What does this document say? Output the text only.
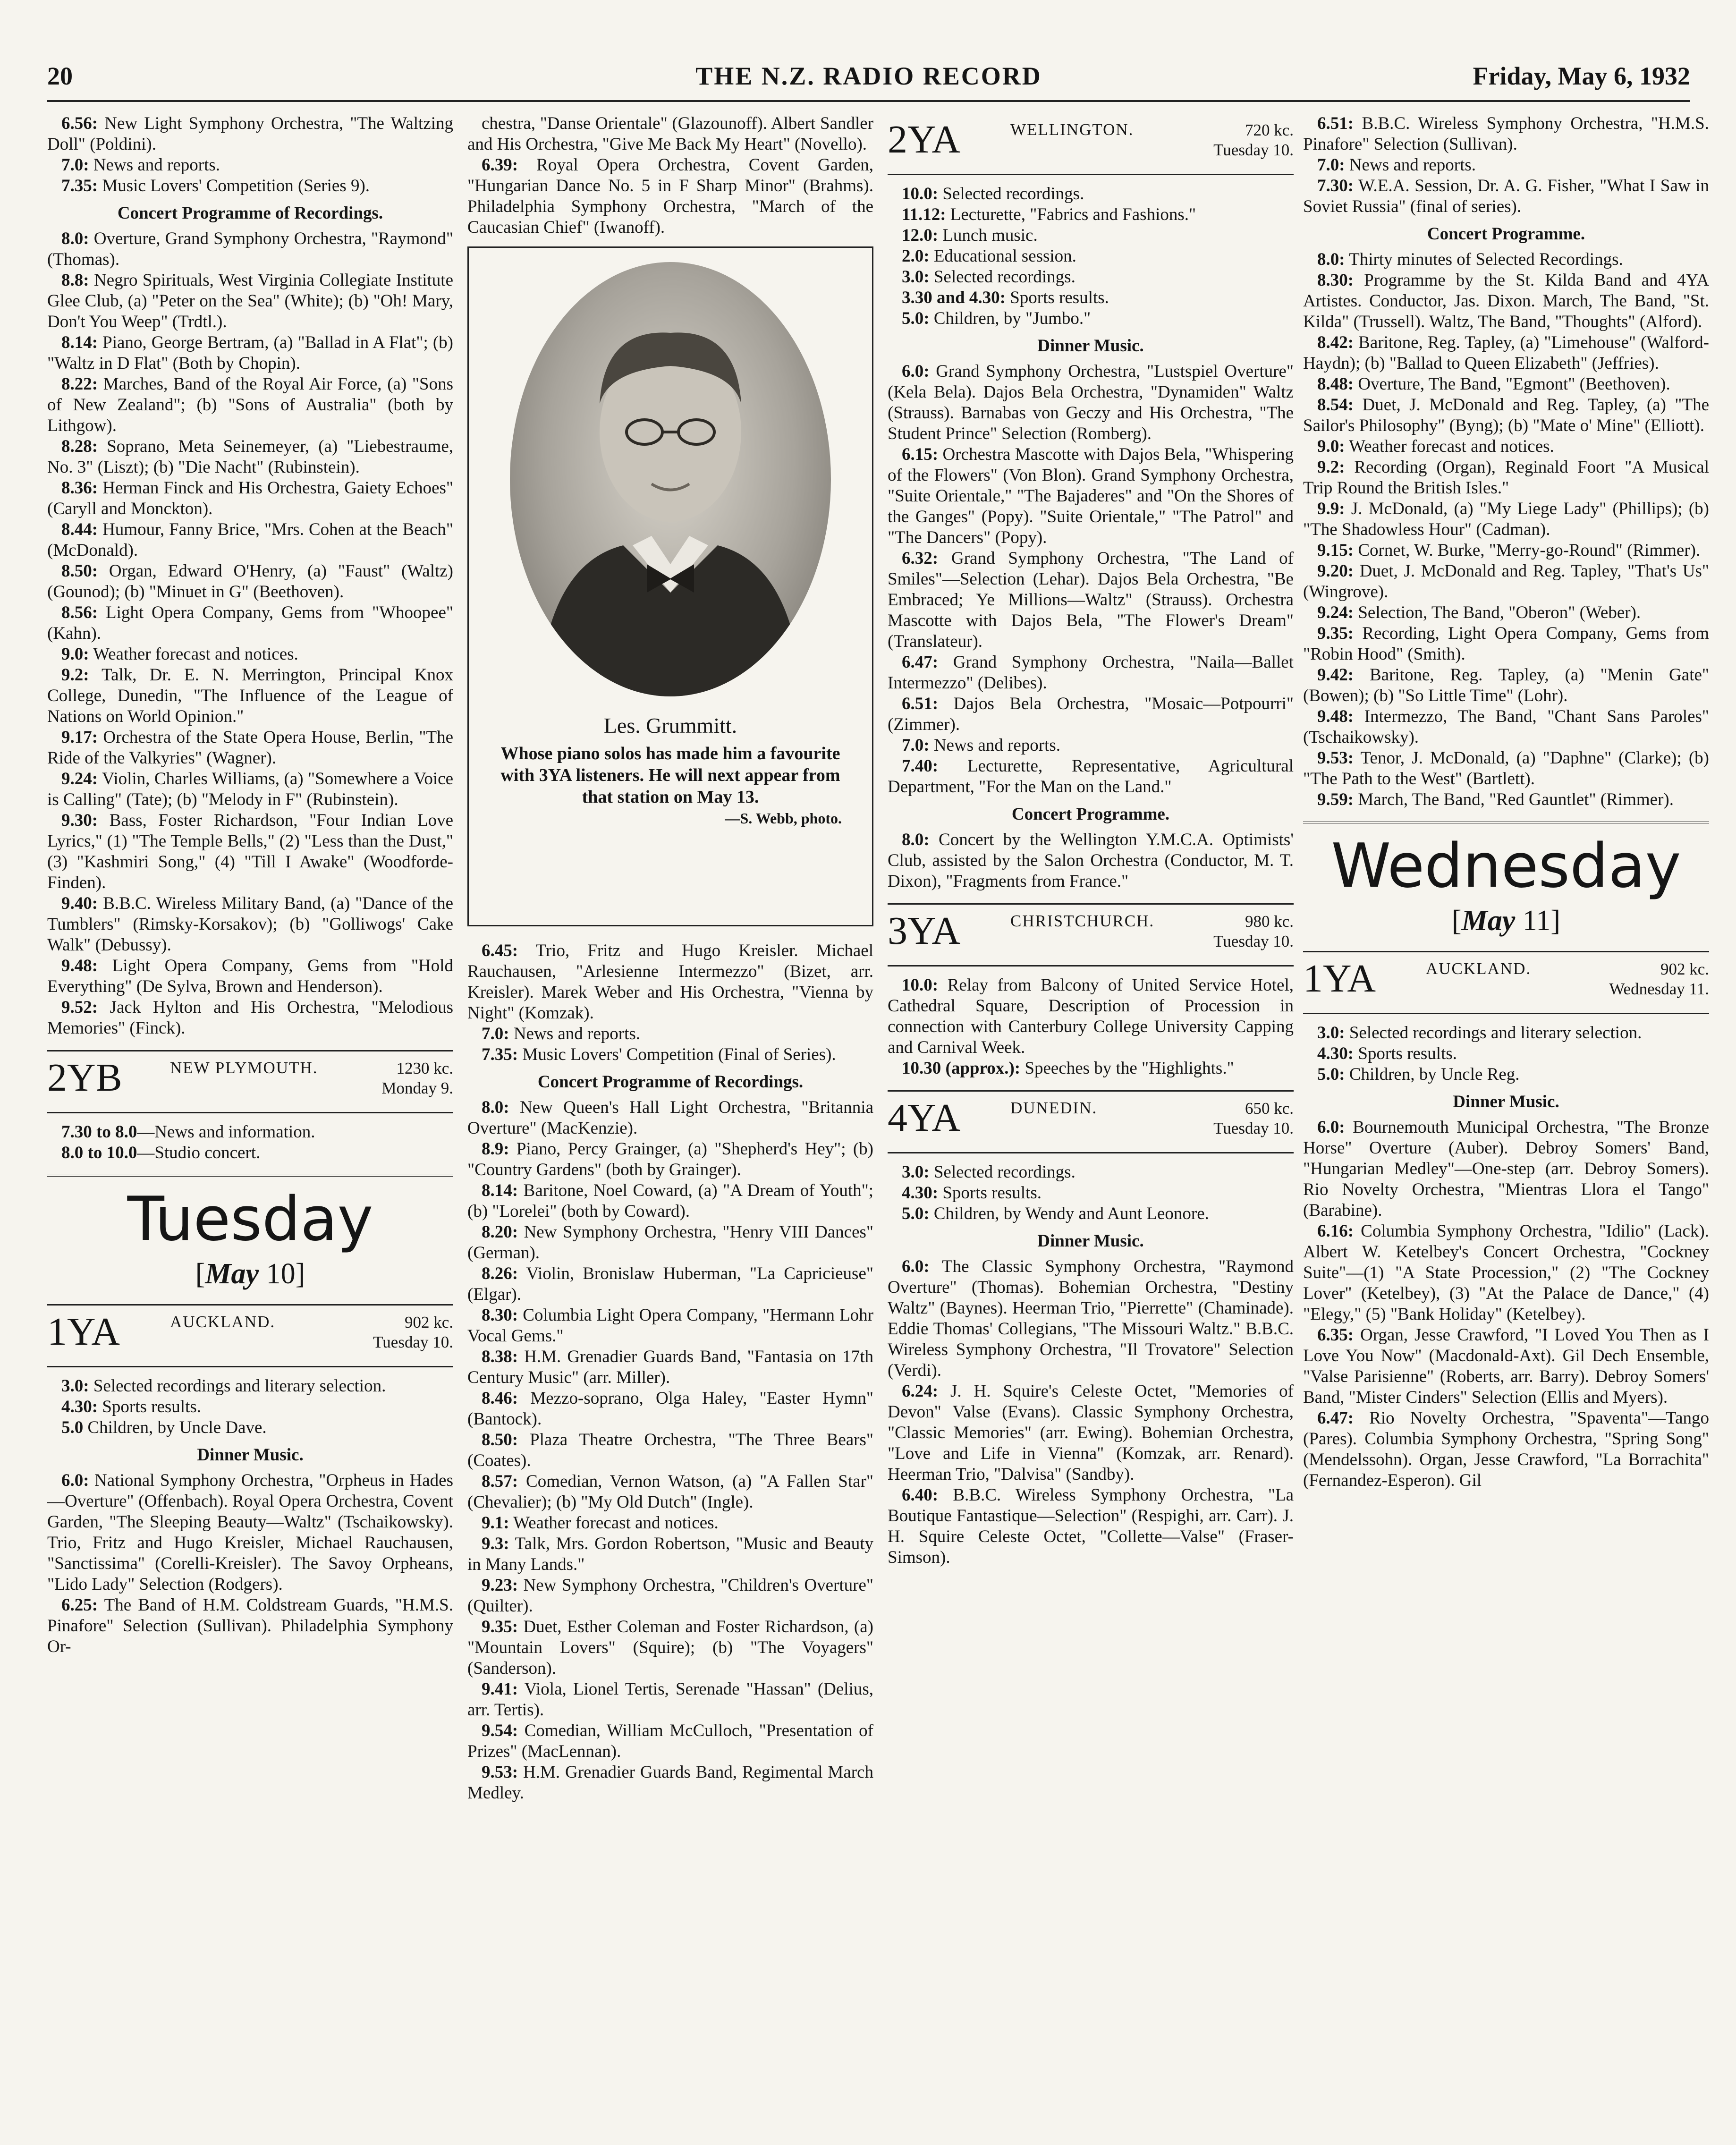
20	THE N.Z. RADIO RECORD	Friday, May 6, 1932

6.56: New Light Symphony Orchestra, "The Waltzing Doll" (Poldini).

7.0: News and reports.

7.35: Music Lovers' Competition (Series 9).

Concert Programme of Recordings.

8.0: Overture, Grand Symphony Orchestra, "Raymond" (Thomas).

8.8: Negro Spirituals, West Virginia Collegiate Institute Glee Club, (a) "Peter on the Sea" (White); (b) "Oh! Mary, Don't You Weep" (Trdtl.).

8.14: Piano, George Bertram, (a) "Ballad in A Flat"; (b) "Waltz in D Flat" (Both by Chopin).

8.22: Marches, Band of the Royal Air Force, (a) "Sons of New Zealand"; (b) "Sons of Australia" (both by Lithgow).

8.28: Soprano, Meta Seinemeyer, (a) "Liebestraume, No. 3" (Liszt); (b) "Die Nacht" (Rubinstein).

8.36: Herman Finck and His Orchestra, Gaiety Echoes" (Caryll and Monckton).

8.44: Humour, Fanny Brice, "Mrs. Cohen at the Beach" (McDonald).

8.50: Organ, Edward O'Henry, (a) "Faust" (Waltz) (Gounod); (b) "Minuet in G" (Beethoven).

8.56: Light Opera Company, Gems from "Whoopee" (Kahn).

9.0: Weather forecast and notices.

9.2: Talk, Dr. E. N. Merrington, Principal Knox College, Dunedin, "The Influence of the League of Nations on World Opinion."

9.17: Orchestra of the State Opera House, Berlin, "The Ride of the Valkyries" (Wagner).

9.24: Violin, Charles Williams, (a) "Somewhere a Voice is Calling" (Tate); (b) "Melody in F" (Rubinstein).

9.30: Bass, Foster Richardson, "Four Indian Love Lyrics," (1) "The Temple Bells," (2) "Less than the Dust," (3) "Kashmiri Song," (4) "Till I Awake" (Woodforde-Finden).

9.40: B.B.C. Wireless Military Band, (a) "Dance of the Tumblers" (Rimsky-Korsakov); (b) "Golliwogs' Cake Walk" (Debussy).

9.48: Light Opera Company, Gems from "Hold Everything" (De Sylva, Brown and Henderson).

9.52: Jack Hylton and His Orchestra, "Melodious Memories" (Finck).

2YB	NEW PLYMOUTH.	1230 kc.
Monday 9.

7.30 to 8.0—News and information.

8.0 to 10.0—Studio concert.

Tuesday
[May 10]
1YA	AUCKLAND.	902 kc.
Tuesday 10.

3.0: Selected recordings and literary selection.

4.30: Sports results.

5.0 Children, by Uncle Dave.

Dinner Music.

6.0: National Symphony Orchestra, "Orpheus in Hades—Overture" (Offenbach). Royal Opera Orchestra, Covent Garden, "The Sleeping Beauty—Waltz" (Tschaikowsky). Trio, Fritz and Hugo Kreisler, Michael Rauchausen, "Sanctissima" (Corelli-Kreisler). The Savoy Orpheans, "Lido Lady" Selection (Rodgers).

6.25: The Band of H.M. Coldstream Guards, "H.M.S. Pinafore" Selection (Sullivan). Philadelphia Symphony Or-

chestra, "Danse Orientale" (Glazounoff). Albert Sandler and His Orchestra, "Give Me Back My Heart" (Novello).

6.39: Royal Opera Orchestra, Covent Garden, "Hungarian Dance No. 5 in F Sharp Minor" (Brahms). Philadelphia Symphony Orchestra, "March of the Caucasian Chief" (Iwanoff).

Les. Grummitt.
Whose piano solos has made him a favourite with 3YA listeners. He will next appear from that station on May 13.
—S. Webb, photo.

6.45: Trio, Fritz and Hugo Kreisler. Michael Rauchausen, "Arlesienne Intermezzo" (Bizet, arr. Kreisler). Marek Weber and His Orchestra, "Vienna by Night" (Komzak).

7.0: News and reports.

7.35: Music Lovers' Competition (Final of Series).

Concert Programme of Recordings.

8.0: New Queen's Hall Light Orchestra, "Britannia Overture" (MacKenzie).

8.9: Piano, Percy Grainger, (a) "Shepherd's Hey"; (b) "Country Gardens" (both by Grainger).

8.14: Baritone, Noel Coward, (a) "A Dream of Youth"; (b) "Lorelei" (both by Coward).

8.20: New Symphony Orchestra, "Henry VIII Dances" (German).

8.26: Violin, Bronislaw Huberman, "La Capricieuse" (Elgar).

8.30: Columbia Light Opera Company, "Hermann Lohr Vocal Gems."

8.38: H.M. Grenadier Guards Band, "Fantasia on 17th Century Music" (arr. Miller).

8.46: Mezzo-soprano, Olga Haley, "Easter Hymn" (Bantock).

8.50: Plaza Theatre Orchestra, "The Three Bears" (Coates).

8.57: Comedian, Vernon Watson, (a) "A Fallen Star" (Chevalier); (b) "My Old Dutch" (Ingle).

9.1: Weather forecast and notices.

9.3: Talk, Mrs. Gordon Robertson, "Music and Beauty in Many Lands."

9.23: New Symphony Orchestra, "Children's Overture" (Quilter).

9.35: Duet, Esther Coleman and Foster Richardson, (a) "Mountain Lovers" (Squire); (b) "The Voyagers" (Sanderson).

9.41: Viola, Lionel Tertis, Serenade "Hassan" (Delius, arr. Tertis).

9.54: Comedian, William McCulloch, "Presentation of Prizes" (MacLennan).

9.53: H.M. Grenadier Guards Band, Regimental March Medley.

2YA	WELLINGTON.	720 kc.
Tuesday 10.

10.0: Selected recordings.

11.12: Lecturette, "Fabrics and Fashions."

12.0: Lunch music.

2.0: Educational session.

3.0: Selected recordings.

3.30 and 4.30: Sports results.

5.0: Children, by "Jumbo."

Dinner Music.

6.0: Grand Symphony Orchestra, "Lustspiel Overture" (Kela Bela). Dajos Bela Orchestra, "Dynamiden" Waltz (Strauss). Barnabas von Geczy and His Orchestra, "The Student Prince" Selection (Romberg).

6.15: Orchestra Mascotte with Dajos Bela, "Whispering of the Flowers" (Von Blon). Grand Symphony Orchestra, "Suite Orientale," "The Bajaderes" and "On the Shores of the Ganges" (Popy). "Suite Orientale," "The Patrol" and "The Dancers" (Popy).

6.32: Grand Symphony Orchestra, "The Land of Smiles"—Selection (Lehar). Dajos Bela Orchestra, "Be Embraced; Ye Millions—Waltz" (Strauss). Orchestra Mascotte with Dajos Bela, "The Flower's Dream" (Translateur).

6.47: Grand Symphony Orchestra, "Naila—Ballet Intermezzo" (Delibes).

6.51: Dajos Bela Orchestra, "Mosaic—Potpourri" (Zimmer).

7.0: News and reports.

7.40: Lecturette, Representative, Agricultural Department, "For the Man on the Land."

Concert Programme.

8.0: Concert by the Wellington Y.M.C.A. Optimists' Club, assisted by the Salon Orchestra (Conductor, M. T. Dixon), "Fragments from France."

3YA	CHRISTCHURCH.	980 kc.
Tuesday 10.

10.0: Relay from Balcony of United Service Hotel, Cathedral Square, Description of Procession in connection with Canterbury College University Capping and Carnival Week.

10.30 (approx.): Speeches by the "Highlights."

4YA	DUNEDIN.	650 kc.
Tuesday 10.

3.0: Selected recordings.

4.30: Sports results.

5.0: Children, by Wendy and Aunt Leonore.

Dinner Music.

6.0: The Classic Symphony Orchestra, "Raymond Overture" (Thomas). Bohemian Orchestra, "Destiny Waltz" (Baynes). Heerman Trio, "Pierrette" (Chaminade). Eddie Thomas' Collegians, "The Missouri Waltz." B.B.C. Wireless Symphony Orchestra, "Il Trovatore" Selection (Verdi).

6.24: J. H. Squire's Celeste Octet, "Memories of Devon" Valse (Evans). Classic Symphony Orchestra, "Classic Memories" (arr. Ewing). Bohemian Orchestra, "Love and Life in Vienna" (Komzak, arr. Renard). Heerman Trio, "Dalvisa" (Sandby).

6.40: B.B.C. Wireless Symphony Orchestra, "La Boutique Fantastique—Selection" (Respighi, arr. Carr). J. H. Squire Celeste Octet, "Collette—Valse" (Fraser-Simson).

6.51: B.B.C. Wireless Symphony Orchestra, "H.M.S. Pinafore" Selection (Sullivan).

7.0: News and reports.

7.30: W.E.A. Session, Dr. A. G. Fisher, "What I Saw in Soviet Russia" (final of series).

Concert Programme.

8.0: Thirty minutes of Selected Recordings.

8.30: Programme by the St. Kilda Band and 4YA Artistes. Conductor, Jas. Dixon. March, The Band, "St. Kilda" (Trussell). Waltz, The Band, "Thoughts" (Alford).

8.42: Baritone, Reg. Tapley, (a) "Limehouse" (Walford-Haydn); (b) "Ballad to Queen Elizabeth" (Jeffries).

8.48: Overture, The Band, "Egmont" (Beethoven).

8.54: Duet, J. McDonald and Reg. Tapley, (a) "The Sailor's Philosophy" (Byng); (b) "Mate o' Mine" (Elliott).

9.0: Weather forecast and notices.

9.2: Recording (Organ), Reginald Foort "A Musical Trip Round the British Isles."

9.9: J. McDonald, (a) "My Liege Lady" (Phillips); (b) "The Shadowless Hour" (Cadman).

9.15: Cornet, W. Burke, "Merry-go-Round" (Rimmer).

9.20: Duet, J. McDonald and Reg. Tapley, "That's Us" (Wingrove).

9.24: Selection, The Band, "Oberon" (Weber).

9.35: Recording, Light Opera Company, Gems from "Robin Hood" (Smith).

9.42: Baritone, Reg. Tapley, (a) "Menin Gate" (Bowen); (b) "So Little Time" (Lohr).

9.48: Intermezzo, The Band, "Chant Sans Paroles" (Tschaikowsky).

9.53: Tenor, J. McDonald, (a) "Daphne" (Clarke); (b) "The Path to the West" (Bartlett).

9.59: March, The Band, "Red Gauntlet" (Rimmer).

Wednesday
[May 11]
1YA	AUCKLAND.	902 kc.
Wednesday 11.

3.0: Selected recordings and literary selection.

4.30: Sports results.

5.0: Children, by Uncle Reg.

Dinner Music.

6.0: Bournemouth Municipal Orchestra, "The Bronze Horse" Overture (Auber). Debroy Somers' Band, "Hungarian Medley"—One-step (arr. Debroy Somers). Rio Novelty Orchestra, "Mientras Llora el Tango" (Barabine).

6.16: Columbia Symphony Orchestra, "Idilio" (Lack). Albert W. Ketelbey's Concert Orchestra, "Cockney Suite"—(1) "A State Procession," (2) "The Cockney Lover" (Ketelbey), (3) "At the Palace de Dance," (4) "Elegy," (5) "Bank Holiday" (Ketelbey).

6.35: Organ, Jesse Crawford, "I Loved You Then as I Love You Now" (Macdonald-Axt). Gil Dech Ensemble, "Valse Parisienne" (Roberts, arr. Barry). Debroy Somers' Band, "Mister Cinders" Selection (Ellis and Myers).

6.47: Rio Novelty Orchestra, "Spaventa"—Tango (Pares). Columbia Symphony Orchestra, "Spring Song" (Mendelssohn). Organ, Jesse Crawford, "La Borrachita" (Fernandez-Esperon). Gil
